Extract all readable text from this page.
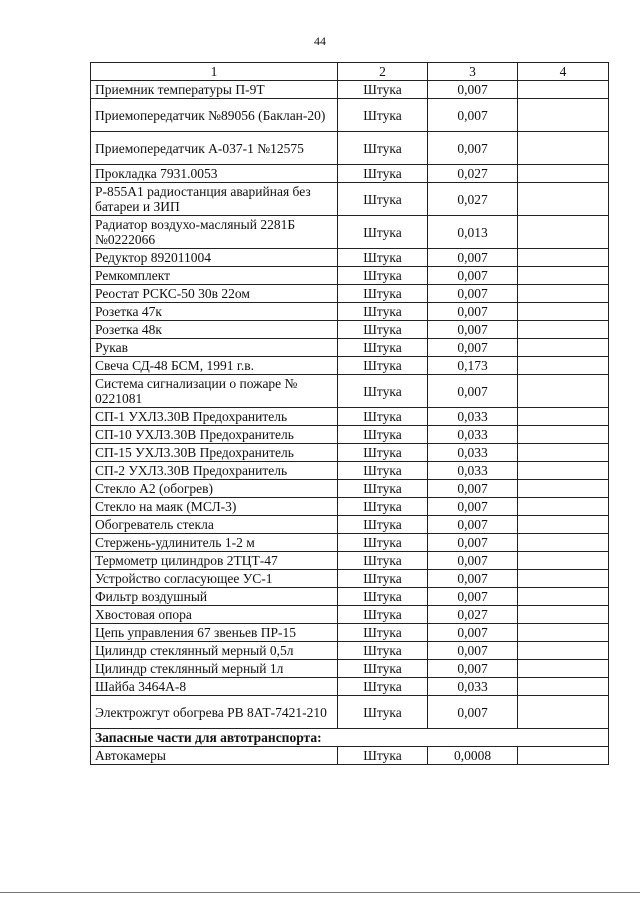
44
1	2	3	4
Приемник температуры П-9Т	Штука	0,007	
Приемопередатчик №89056 (Баклан-20)	Штука	0,007	
Приемопередатчик А-037-1 №12575	Штука	0,007	
Прокладка 7931.0053	Штука	0,027	
Р-855А1 радиостанция аварийная без батареи и ЗИП	Штука	0,027	
Радиатор воздухо-масляный 2281Б №0222066	Штука	0,013	
Редуктор 892011004	Штука	0,007	
Ремкомплект	Штука	0,007	
Реостат РСКС-50 30в 22ом	Штука	0,007	
Розетка 47к	Штука	0,007	
Розетка 48к	Штука	0,007	
Рукав	Штука	0,007	
Свеча СД-48 БСМ, 1991 г.в.	Штука	0,173	
Система сигнализации о пожаре № 0221081	Штука	0,007	
СП-1 УХЛ3.30В Предохранитель	Штука	0,033	
СП-10 УХЛ3.30В Предохранитель	Штука	0,033	
СП-15 УХЛ3.30В Предохранитель	Штука	0,033	
СП-2 УХЛ3.30В Предохранитель	Штука	0,033	
Стекло А2 (обогрев)	Штука	0,007	
Стекло на маяк (МСЛ-3)	Штука	0,007	
Обогреватель стекла	Штука	0,007	
Стержень-удлинитель 1-2 м	Штука	0,007	
Термометр цилиндров 2ТЦТ-47	Штука	0,007	
Устройство согласующее УС-1	Штука	0,007	
Фильтр воздушный	Штука	0,007	
Хвостовая опора	Штука	0,027	
Цепь управления 67 звеньев ПР-15	Штука	0,007	
Цилиндр стеклянный мерный 0,5л	Штука	0,007	
Цилиндр стеклянный мерный 1л	Штука	0,007	
Шайба 3464А-8	Штука	0,033	
Электрожгут обогрева РВ 8АТ-7421-210	Штука	0,007	
Запасные части для автотранспорта:			
Автокамеры	Штука	0,0008	
